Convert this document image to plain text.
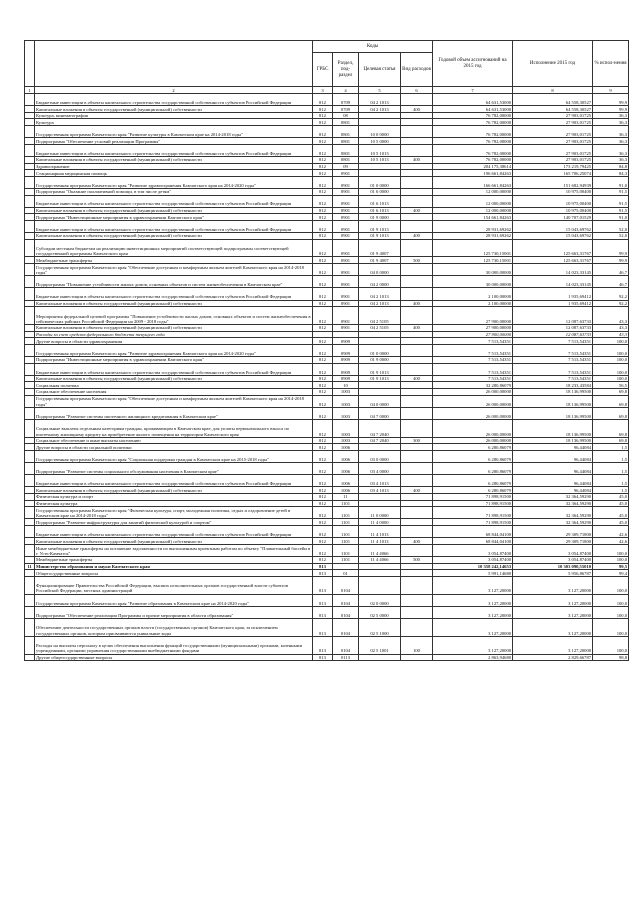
		Коды				Годовой объем ассигнований на 2015 год	Исполнение 2015 год	% испол-нения
		ГРБС	Раздел, под-раздел	Целевая статья	Вид расходов			
1	2	3	4	5	6	7	8	9
	Бюджетные инвестиции в объекты капитального строительства государственной собственности субъектов Российской Федерации	812	0709	04 2 1013		64 631,53000	64 558,30527	99,9
	Капитальные вложения в объекты государственной (муниципальной) собственности	812	0709	04 2 1013	400	64 631,53000	64 558,30527	99,9
	Культура, кинематография	812	08			76 782,00000	27 903,01725	36,3
	Культура	812	0801			76 782,00000	27 903,01725	36,3
	Государственная программа Камчатского края "Развитие культуры в Камчатском крае на 2014-2018 годы"	812	0801	10 0 0000		76 782,00000	27 903,01725	36,3
	Подпрограмма "Обеспечение условий реализации Программы"	812	0801	10 5 0000		76 782,00000	27 903,01725	36,3
	Бюджетные инвестиции в объекты капитального строительства государственной собственности субъектов Российской Федерации	812	0801	10 5 1013		76 782,00000	27 903,01725	36,3
	Капитальные вложения в объекты государственной (муниципальной) собственности	812	0801	10 5 1013	400	76 782,00000	27 903,01725	36,3
	Здравоохранение	812	09			204 175,38614	173 219,79425	84,8
	Стационарная медицинская помощь	812	0901			196 661,84263	165 706,25074	84,3
	Государственная программа Камчатского края "Развитие здравоохранения Камчатского края на 2014-2020 годы"	812	0901	01 0 0000		166 661,84263	151 682,94939	91,0
	Подпрограмма "Оказание паллиативной помощи, в том числе детям"	812	0901	01 6 0000		12 000,00000	10 975,00400	91,5
	Бюджетные инвестиции в объекты капитального строительства государственной собственности субъектов Российской Федерации	812	0901	01 6 1013		12 000,00000	10 975,00400	91,5
	Капитальные вложения в объекты государственной (муниципальной) собственности	812	0901	01 6 1013	400	12 000,00000	10 975,00400	91,5
	Подпрограмма "Инвестиционные мероприятия в здравоохранении Камчатского края"	812	0901	01 9 0000		154 661,84263	140 707,01529	91,0
	Бюджетные инвестиции в объекты капитального строительства государственной собственности субъектов Российской Федерации	812	0901	01 9 1013		28 931,69262	15 043,69762	52,0
	Капитальные вложения в объекты государственной (муниципальной) собственности	812	0901	01 9 1013	400	28 931,69262	15 043,69762	52,0
	Субсидии местным бюджетам на реализацию инвестиционных мероприятий соответствующей подпрограммы соответствующей государственной программы Камчатского края	812	0901	01 9 4007		125 730,15001	125 663,31767	99,9
	Межбюджетные трансферты	812	0901	01 9 4007	500	125 730,15001	125 663,31767	99,9
	Государственная программа Камчатского края "Обеспечение доступным и комфортным жильем жителей Камчатского края на 2014-2018 годы"	812	0901	04 0 0000		30 000,00000	14 023,33145	46,7
	Подпрограмма "Повышение устойчивости жилых домов, основных объектов и систем жизнеобеспечения в Камчатском крае"	812	0901	04 2 0000		30 000,00000	14 023,33145	46,7
	Бюджетные инвестиции в объекты капитального строительства государственной собственности субъектов Российской Федерации	812	0901	04 2 1013		2 100,00000	1 935,69412	92,2
	Капитальные вложения в объекты государственной (муниципальной) собственности	812	0901	04 2 1013	400	2 100,00000	1 935,69412	92,2
	Мероприятия федеральной целевой программы "Повышение устойчивости жилых домов, основных объектов и систем жизнеобеспечения в сейсмических районах Российской Федерации на 2009 - 2018 годы"	812	0901	04 2 5105		27 900,00000	12 087,63733	43,3
	Капитальные вложения в объекты государственной (муниципальной) собственности	812	0901	04 2 5105	400	27 900,00000	12 087,63733	43,3
	Расходы за счет средств федерального бюджета текущего года					27 900,00000	12 087,63733	43,3
	Другие вопросы в области здравоохранения	812	0909			7 513,54351	7 513,54351	100,0
	Государственная программа Камчатского края "Развитие здравоохранения Камчатского края на 2014-2020 годы"	812	0909	01 0 0000		7 513,54351	7 513,54351	100,0
	Подпрограмма "Инвестиционные мероприятия в здравоохранении Камчатского края"	812	0909	01 9 0000		7 513,54351	7 513,54351	100,0
	Бюджетные инвестиции в объекты капитального строительства государственной собственности субъектов Российской Федерации	812	0909	01 9 1013		7 513,54351	7 513,54351	100,0
	Капитальные вложения в объекты государственной (муниципальной) собственности	812	0909	01 9 1013	400	7 513,54351	7 513,54351	100,0
	Социальная политика	812	10			32 280,86079	18 233,43584	56,5
	Социальное обеспечение населения	812	1003			26 000,00000	18 136,99500	69,8
	Государственная программа Камчатского края "Обеспечение доступным и комфортным жильем жителей Камчатского края на 2014-2018 годы"	812	1003	04 0 0000		26 000,00000	18 136,99500	69,8
	Подпрограмма "Развитие системы ипотечного жилищного кредитования в Камчатском крае"	812	1003	04 7 0000		26 000,00000	18 136,99500	69,8
	Социальные выплаты отдельным категориям граждан, проживающим в Камчатском крае, для уплаты первоначального взноса по ипотечному жилищному кредиту на приобретение жилого помещения на территории Камчатского края	812	1003	04 7 2040		26 000,00000	18 136,99500	69,8
	Социальное обеспечение и иные выплаты населению	812	1003	04 7 2040	300	26 000,00000	18 136,99500	69,8
	Другие вопросы в области социальной политики	812	1006			6 280,86079	96,44084	1,5
	Государственная программа Камчатского края "Социальная поддержка граждан в Камчатском крае на 2015-2018 годы"	812	1006	03 0 0000		6 280,86079	96,44084	1,5
	Подпрограмма "Развитие системы социального обслуживания населения в Камчатском крае"	812	1006	03 4 0000		6 280,86079	96,44084	1,5
	Бюджетные инвестиции в объекты капитального строительства государственной собственности субъектов Российской Федерации	812	1006	03 4 1013		6 280,86079	96,44084	1,5
	Капитальные вложения в объекты государственной (муниципальной) собственности	812	1006	03 4 1013	400	6 280,86079	96,44084	1,5
	Физическая культура и спорт	812	11			71 898,91500	32 364,59290	45,0
	Физическая культура	812	1101			71 898,91500	32 364,59290	45,0
	Государственная программа Камчатского края "Физическая культура, спорт, молодежная политика, отдых и оздоровление детей в Камчатском крае на 2014-2018 годы"	812	1101	11 0 0000		71 898,91500	32 364,59290	45,0
	Подпрограмма "Развитие инфраструктуры для занятий физической культурой и спортом"	812	1101	11 4 0000		71 898,91500	32 364,59290	45,0
	Бюджетные инвестиции в объекты капитального строительства государственной собственности субъектов Российской Федерации	812	1101	11 4 1013		68 844,04100	29 309,71800	42,6
	Капитальные вложения в объекты государственной (муниципальной) собственности	812	1101	11 4 1013	400	68 844,04100	29 309,71800	42,6
	Иные межбюджетные трансферты на погашение задолженности по выполненным проектным работам по объекту "Плавательный бассейн в г. Усть-Камчатск"	812	1101	11 4 4066		3 054,87400	3 054,87400	100,0
	Межбюджетные трансферты	812	1101	11 4 4066	500	3 054,87400	3 054,87400	100,0
11	Министерство образования и науки Камчатского края	813				10 358 242,14653	10 303 090,55010	99,5
	Общегосударственные вопросы	813	01			5 991,14680	5 956,86787	99,4
	Функционирование Правительства Российской Федерации, высших исполнительных органов государственной власти субъектов Российской Федерации, местных администраций	813	0104			3 127,20000	3 127,20000	100,0
	Государственная программа Камчатского края "Развитие образования в Камчатском крае на 2014-2020 годы"	813	0104	02 0 0000		3 127,20000	3 127,20000	100,0
	Подпрограмма "Обеспечение реализации Программы и прочие мероприятия в области образования"	813	0104	02 5 0000		3 127,20000	3 127,20000	100,0
	Обеспечение деятельности государственных органов власти (государственных органов) Камчатского края, за исключением государственных органов, которым присваиваются уникальные коды	813	0104	02 5 1000		3 127,20000	3 127,20000	100,0
	Расходы на выплаты персоналу в целях обеспечения выполнения функций государственными (муниципальными) органами, казенными учреждениями, органами управления государственными внебюджетными фондами	813	0104	02 5 1001	100	3 127,20000	3 127,20000	100,0
	Другие общегосударственные вопросы	813	0113			2 863,94680	2 829,66787	98,8
